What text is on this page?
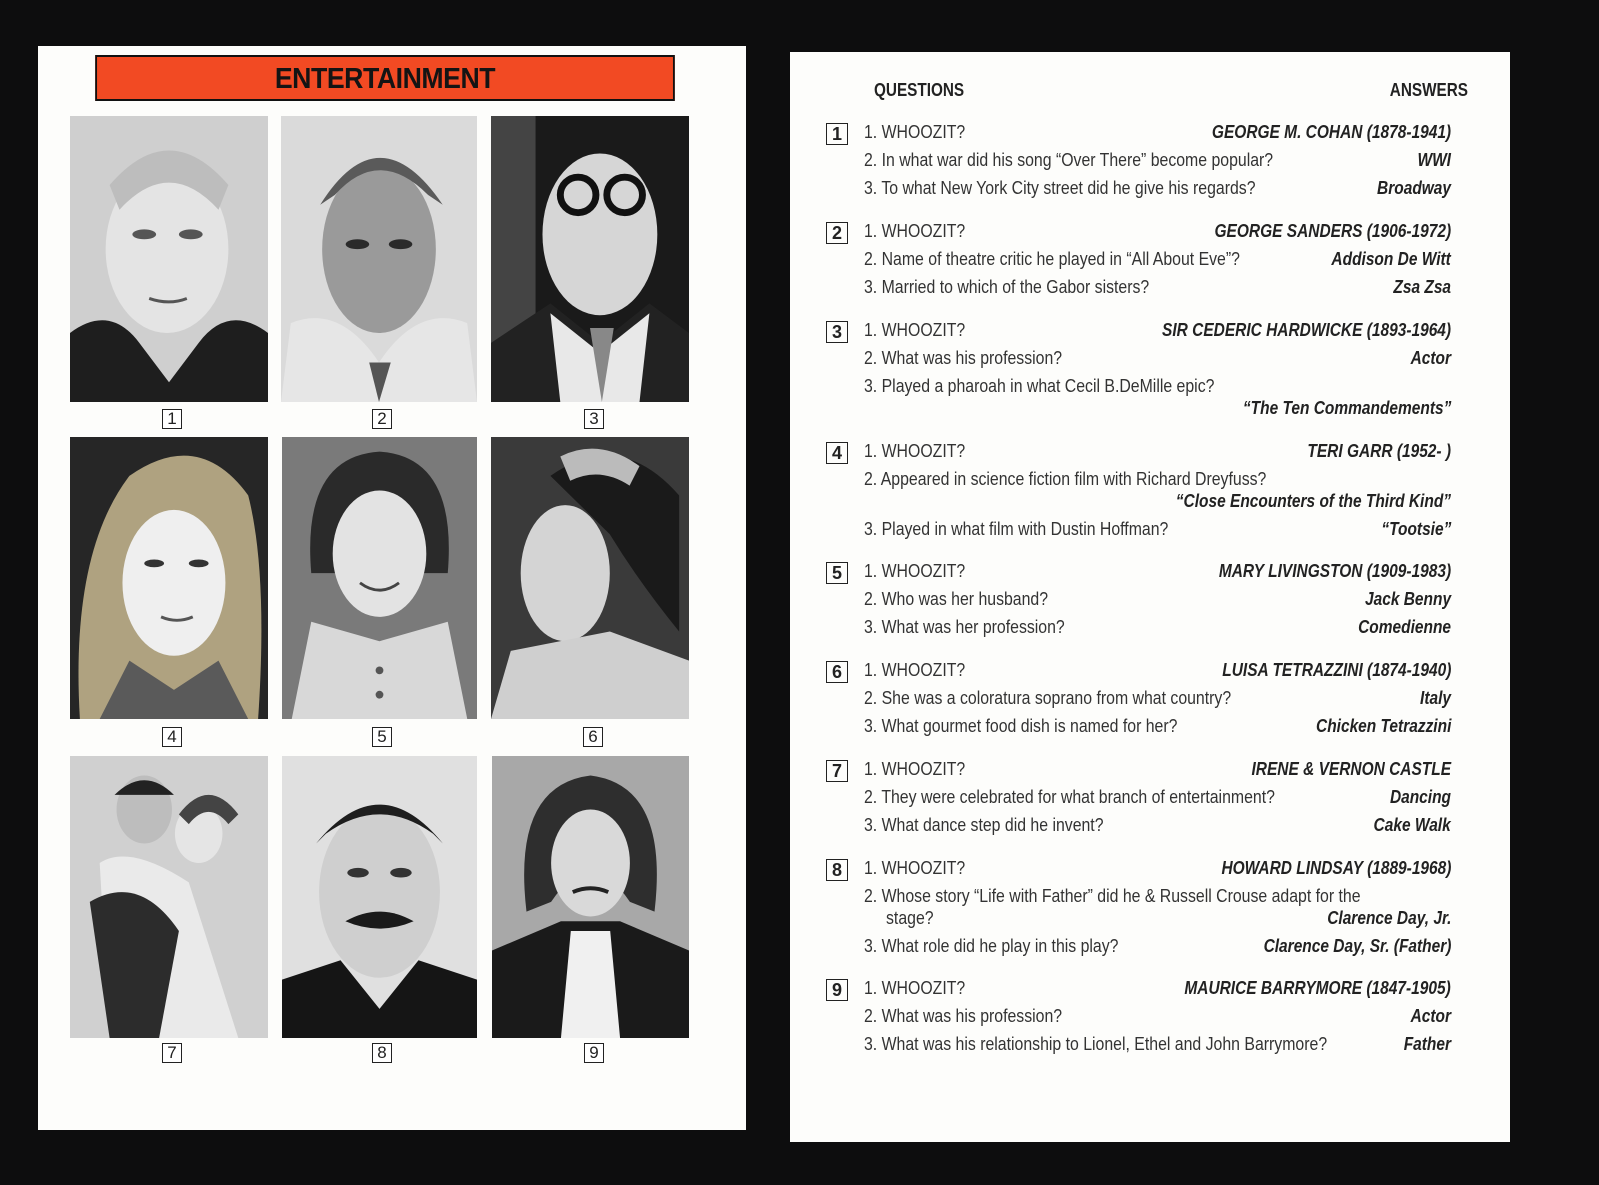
ENTERTAINMENT
1	2	3
4	5	6
7	8	9
QUESTIONS	ANSWERS
1	1. WHOOZIT?	GEORGE M. COHAN (1878-1941)
2. In what war did his song “Over There” become popular?	WWI
3. To what New York City street did he give his regards?	Broadway
2	1. WHOOZIT?	GEORGE SANDERS (1906-1972)
2. Name of theatre critic he played in “All About Eve”?	Addison De Witt
3. Married to which of the Gabor sisters?	Zsa Zsa
3	1. WHOOZIT?	SIR CEDERIC HARDWICKE (1893-1964)
2. What was his profession?	Actor
3. Played a pharoah in what Cecil B.DeMille epic?
“The Ten Commandements”
4	1. WHOOZIT?	TERI GARR (1952- )
2. Appeared in science fiction film with Richard Dreyfuss?
“Close Encounters of the Third Kind”
3. Played in what film with Dustin Hoffman?	“Tootsie”
5	1. WHOOZIT?	MARY LIVINGSTON (1909-1983)
2. Who was her husband?	Jack Benny
3. What was her profession?	Comedienne
6	1. WHOOZIT?	LUISA TETRAZZINI (1874-1940)
2. She was a coloratura soprano from what country?	Italy
3. What gourmet food dish is named for her?	Chicken Tetrazzini
7	1. WHOOZIT?	IRENE & VERNON CASTLE
2. They were celebrated for what branch of entertainment?	Dancing
3. What dance step did he invent?	Cake Walk
8	1. WHOOZIT?	HOWARD LINDSAY (1889-1968)
2. Whose story “Life with Father” did he & Russell Crouse adapt for the
stage?	Clarence Day, Jr.
3. What role did he play in this play?	Clarence Day, Sr. (Father)
9	1. WHOOZIT?	MAURICE BARRYMORE (1847-1905)
2. What was his profession?	Actor
3. What was his relationship to Lionel, Ethel and John Barrymore?	Father
